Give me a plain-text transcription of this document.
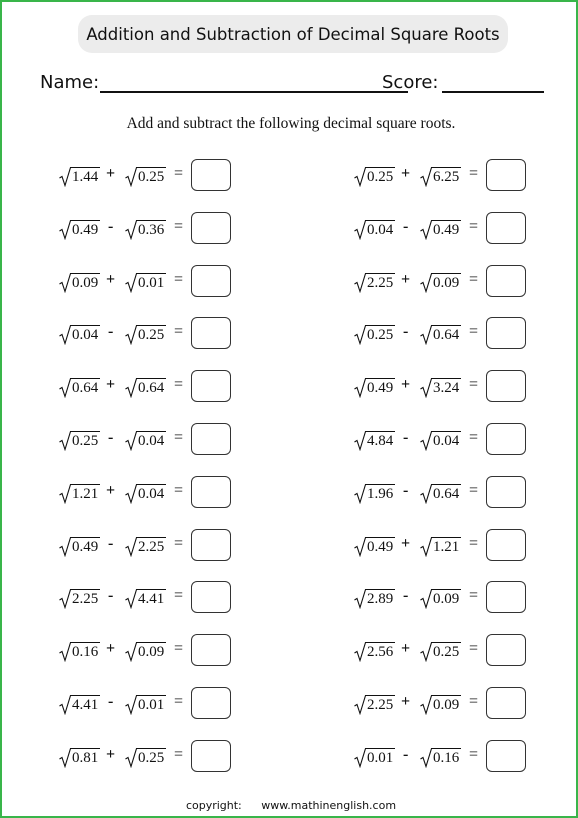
Addition and Subtraction of Decimal Square Roots
Name:	Score:
Add and subtract the following decimal square roots.
1.44 + 0.25 =	0.25 + 6.25 =
0.49 - 0.36 =	0.04 - 0.49 =
0.09 + 0.01 =	2.25 + 0.09 =
0.04 - 0.25 =	0.25 - 0.64 =
0.64 + 0.64 =	0.49 + 3.24 =
0.25 - 0.04 =	4.84 - 0.04 =
1.21 + 0.04 =	1.96 - 0.64 =
0.49 - 2.25 =	0.49 + 1.21 =
2.25 - 4.41 =	2.89 - 0.09 =
0.16 + 0.09 =	2.56 + 0.25 =
4.41 - 0.01 =	2.25 + 0.09 =
0.81 + 0.25 =	0.01 - 0.16 =
copyright: www.mathinenglish.com
